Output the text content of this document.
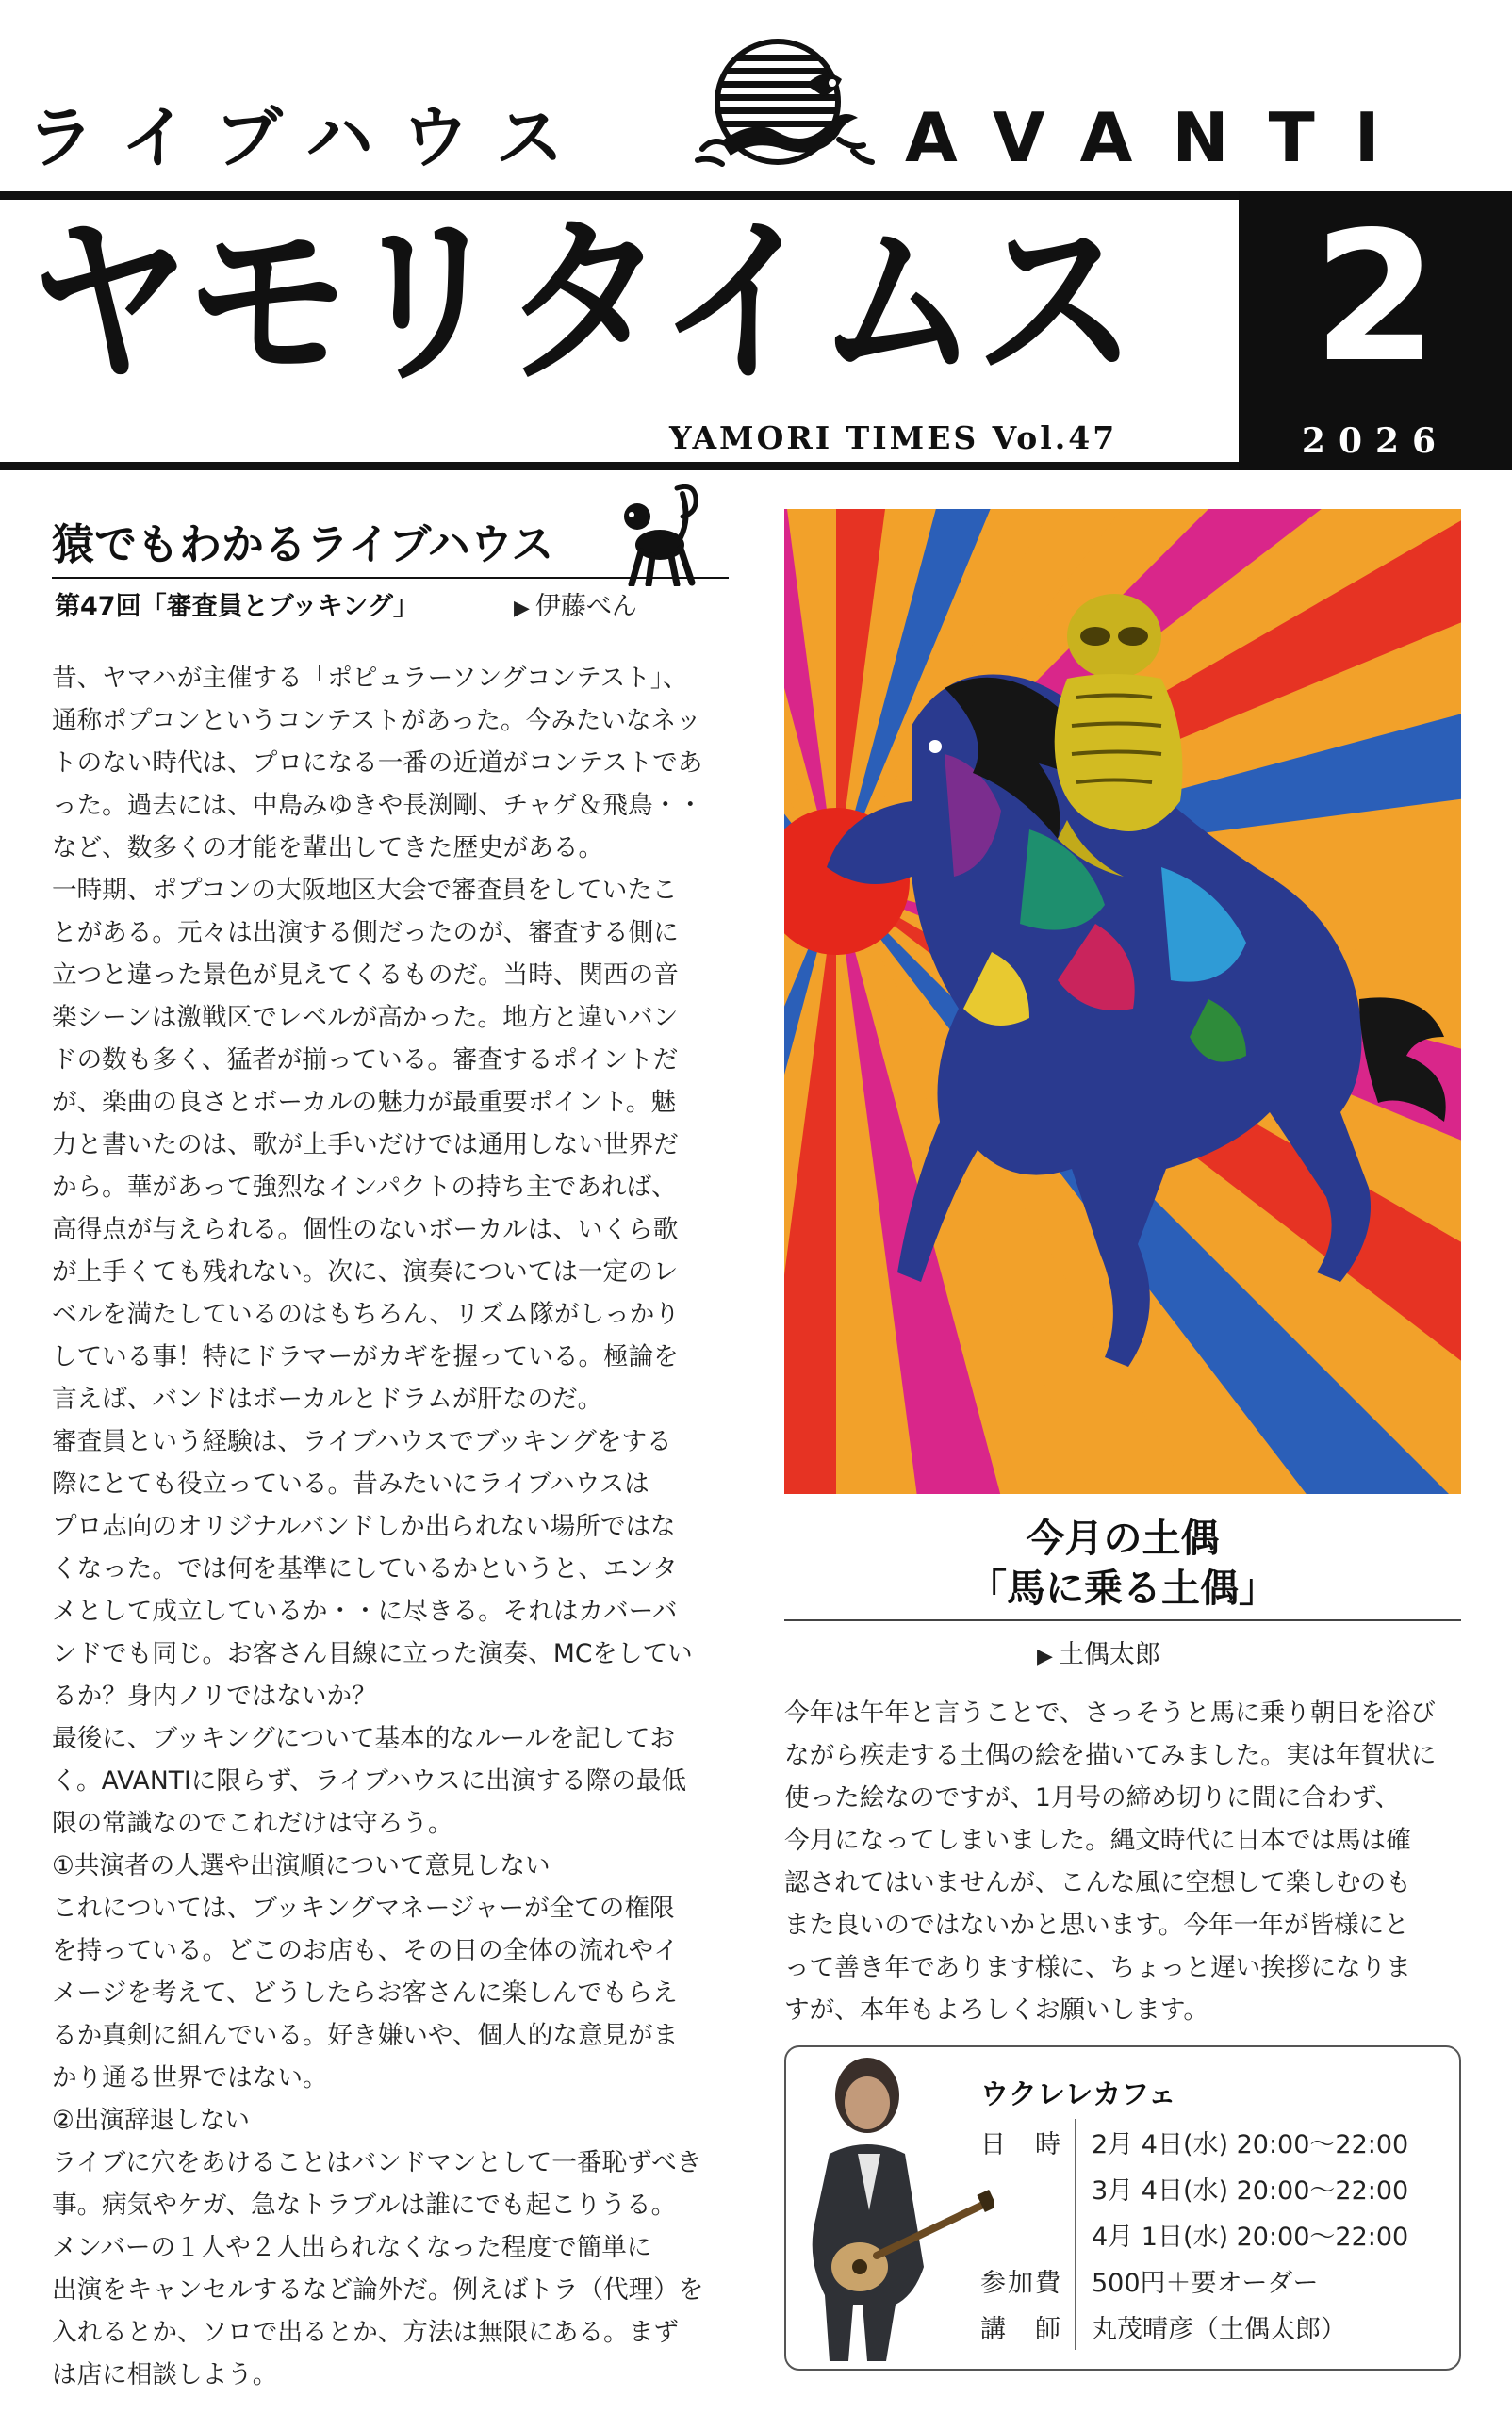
ライブハウス	AVANTI
ヤモリタイムス
YAMORI TIMES Vol.47
2
2026
猿でもわかるライブハウス
第47回「審査員とブッキング」	▶ 伊藤べん

昔、ヤマハが主催する「ポピュラーソングコンテスト」、

通称ポプコンというコンテストがあった。今みたいなネッ

トのない時代は、プロになる一番の近道がコンテストであ

った。過去には、中島みゆきや長渕剛、チャゲ＆飛鳥・・

など、数多くの才能を輩出してきた歴史がある。

一時期、ポプコンの大阪地区大会で審査員をしていたこ

とがある。元々は出演する側だったのが、審査する側に

立つと違った景色が見えてくるものだ。当時、関西の音

楽シーンは激戦区でレベルが高かった。地方と違いバン

ドの数も多く、猛者が揃っている。審査するポイントだ

が、楽曲の良さとボーカルの魅力が最重要ポイント。魅

力と書いたのは、歌が上手いだけでは通用しない世界だ

から。華があって強烈なインパクトの持ち主であれば、

高得点が与えられる。個性のないボーカルは、いくら歌

が上手くても残れない。次に、演奏については一定のレ

ベルを満たしているのはもちろん、リズム隊がしっかり

している事！特にドラマーがカギを握っている。極論を

言えば、バンドはボーカルとドラムが肝なのだ。

審査員という経験は、ライブハウスでブッキングをする

際にとても役立っている。昔みたいにライブハウスは

プロ志向のオリジナルバンドしか出られない場所ではな

くなった。では何を基準にしているかというと、エンタ

メとして成立しているか・・に尽きる。それはカバーバ

ンドでも同じ。お客さん目線に立った演奏、MCをしてい

るか？身内ノリではないか？

最後に、ブッキングについて基本的なルールを記してお

く。AVANTIに限らず、ライブハウスに出演する際の最低

限の常識なのでこれだけは守ろう。

①共演者の人選や出演順について意見しない

これについては、ブッキングマネージャーが全ての権限

を持っている。どこのお店も、その日の全体の流れやイ

メージを考えて、どうしたらお客さんに楽しんでもらえ

るか真剣に組んでいる。好き嫌いや、個人的な意見がま

かり通る世界ではない。

②出演辞退しない

ライブに穴をあけることはバンドマンとして一番恥ずべき

事。病気やケガ、急なトラブルは誰にでも起こりうる。

メンバーの１人や２人出られなくなった程度で簡単に

出演をキャンセルするなど論外だ。例えばトラ（代理）を

入れるとか、ソロで出るとか、方法は無限にある。まず

は店に相談しよう。

今月の土偶
「馬に乗る土偶」
▶ 土偶太郎

今年は午年と言うことで、さっそうと馬に乗り朝日を浴び

ながら疾走する土偶の絵を描いてみました。実は年賀状に

使った絵なのですが、1月号の締め切りに間に合わず、

今月になってしまいました。縄文時代に日本では馬は確

認されてはいませんが、こんな風に空想して楽しむのも

また良いのではないかと思います。今年一年が皆様にと

って善き年であります様に、ちょっと遅い挨拶になりま

すが、本年もよろしくお願いします。

ウクレレカフェ
日　時
参加費
講　師
2月 4日(水) 20:00〜22:00
3月 4日(水) 20:00〜22:00
4月 1日(水) 20:00〜22:00
500円＋要オーダー
丸茂晴彦（土偶太郎）
